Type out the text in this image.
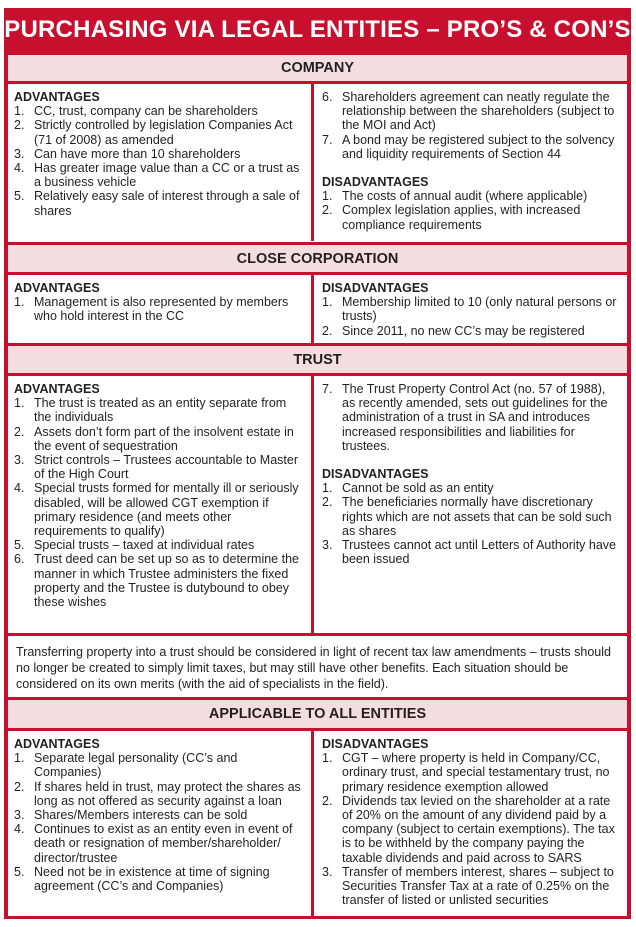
PURCHASING VIA LEGAL ENTITIES – PRO’S & CON’S
COMPANY
ADVANTAGES
1. CC, trust, company can be shareholders
2. Strictly controlled by legislation Companies Act (71 of 2008) as amended
3. Can have more than 10 shareholders
4. Has greater image value than a CC or a trust as a business vehicle
5. Relatively easy sale of interest through a sale of shares
6. Shareholders agreement can neatly regulate the relationship between the shareholders (subject to the MOI and Act)
7. A bond may be registered subject to the solvency and liquidity requirements of Section 44
DISADVANTAGES
1. The costs of annual audit (where applicable)
2. Complex legislation applies, with increased compliance requirements
CLOSE CORPORATION
ADVANTAGES
1. Management is also represented by members who hold interest in the CC
DISADVANTAGES
1. Membership limited to 10 (only natural persons or trusts)
2. Since 2011, no new CC’s may be registered
TRUST
ADVANTAGES
1. The trust is treated as an entity separate from the individuals
2. Assets don’t form part of the insolvent estate in the event of sequestration
3. Strict controls – Trustees accountable to Master of the High Court
4. Special trusts formed for mentally ill or seriously disabled, will be allowed CGT exemption if primary residence (and meets other requirements to qualify)
5. Special trusts – taxed at individual rates
6. Trust deed can be set up so as to determine the manner in which Trustee administers the fixed property and the Trustee is dutybound to obey these wishes
7. The Trust Property Control Act (no. 57 of 1988), as recently amended, sets out guidelines for the administration of a trust in SA and introduces increased responsibilities and liabilities for trustees.
DISADVANTAGES
1. Cannot be sold as an entity
2. The beneficiaries normally have discretionary rights which are not assets that can be sold such as shares
3. Trustees cannot act until Letters of Authority have been issued
Transferring property into a trust should be considered in light of recent tax law amendments – trusts should no longer be created to simply limit taxes, but may still have other benefits. Each situation should be considered on its own merits (with the aid of specialists in the field).
APPLICABLE TO ALL ENTITIES
ADVANTAGES
1. Separate legal personality (CC’s and Companies)
2. If shares held in trust, may protect the shares as long as not offered as security against a loan
3. Shares/Members interests can be sold
4. Continues to exist as an entity even in event of death or resignation of member/shareholder/ director/trustee
5. Need not be in existence at time of signing agreement (CC’s and Companies)
DISADVANTAGES
1. CGT – where property is held in Company/CC, ordinary trust, and special testamentary trust, no primary residence exemption allowed
2. Dividends tax levied on the shareholder at a rate of 20% on the amount of any dividend paid by a company (subject to certain exemptions). The tax is to be withheld by the company paying the taxable dividends and paid across to SARS
3. Transfer of members interest, shares – subject to Securities Transfer Tax at a rate of 0.25% on the transfer of listed or unlisted securities
